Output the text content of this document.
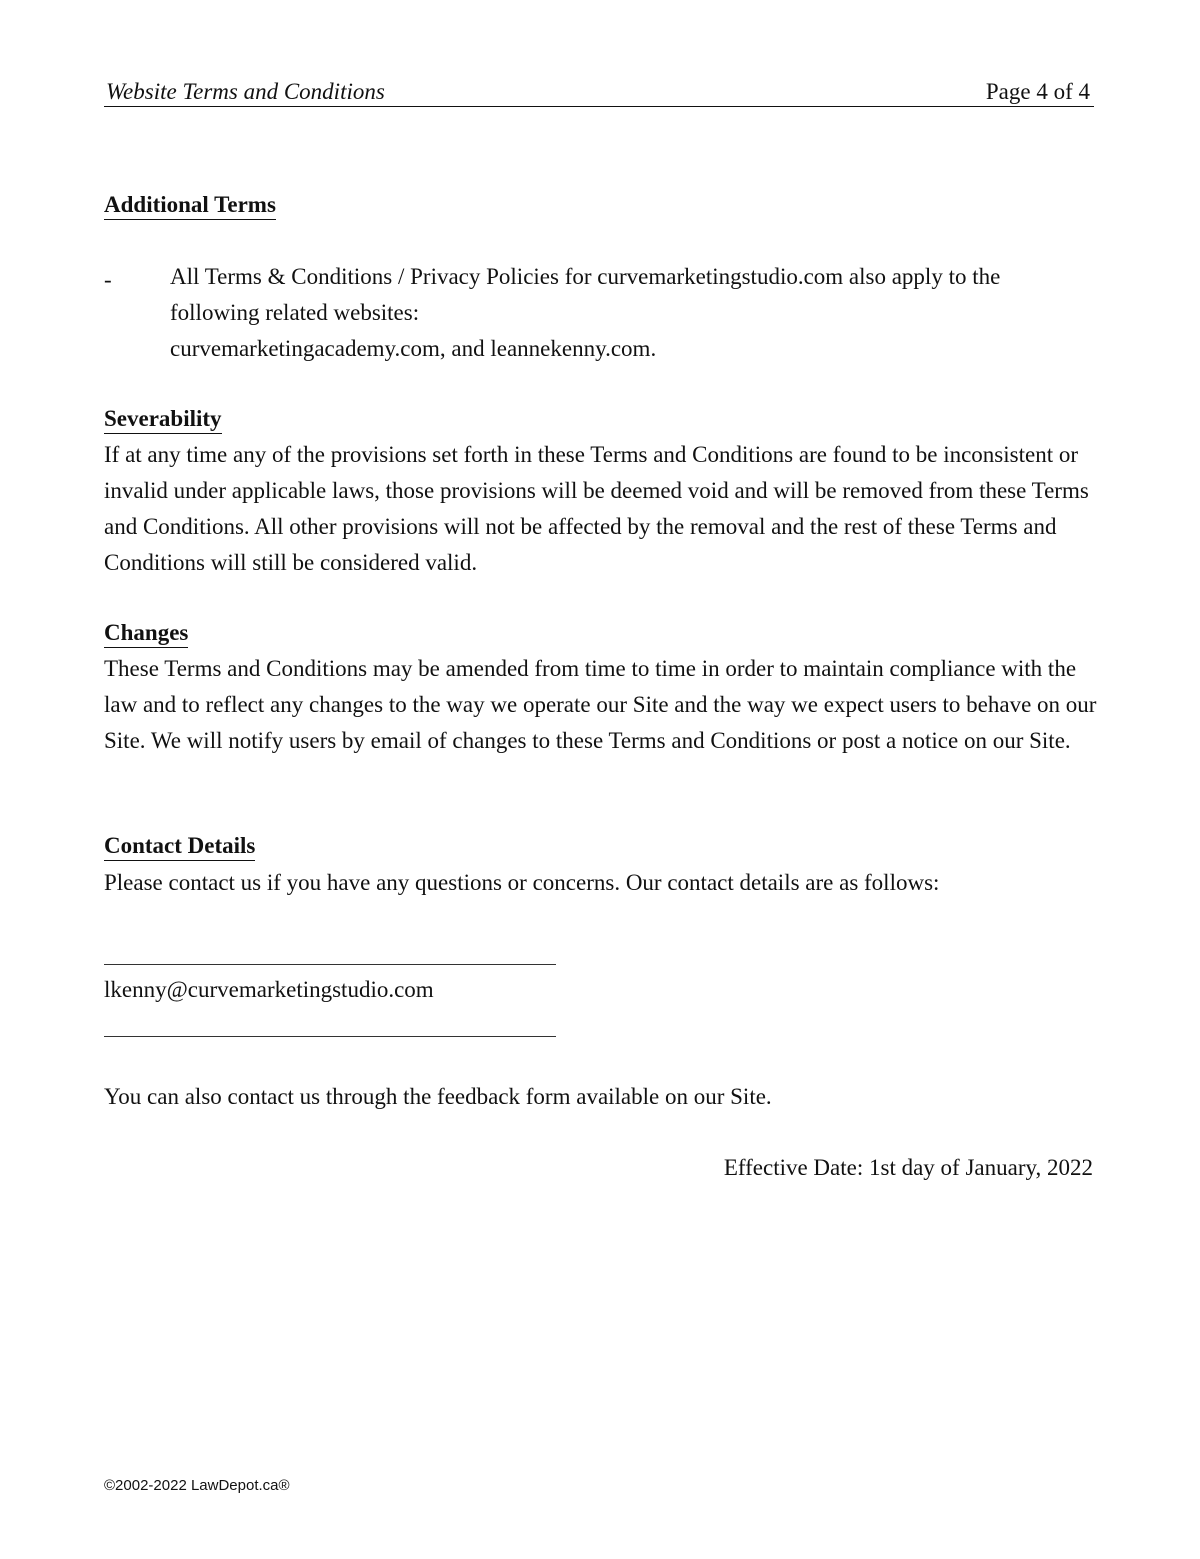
Website Terms and Conditions	Page 4 of 4
Additional Terms
-	All Terms & Conditions / Privacy Policies for curvemarketingstudio.com also apply to the
following related websites:
curvemarketingacademy.com, and leannekenny.com.

Severability

If at any time any of the provisions set forth in these Terms and Conditions are found to be inconsistent or invalid under applicable laws, those provisions will be deemed void and will be removed from these Terms and Conditions. All other provisions will not be affected by the removal and the rest of these Terms and Conditions will still be considered valid.

Changes

These Terms and Conditions may be amended from time to time in order to maintain compliance with the law and to reflect any changes to the way we operate our Site and the way we expect users to behave on our Site. We will notify users by email of changes to these Terms and Conditions or post a notice on our Site.

Contact Details

Please contact us if you have any questions or concerns. Our contact details are as follows:

lkenny@curvemarketingstudio.com

You can also contact us through the feedback form available on our Site.

Effective Date: 1st day of January, 2022
©2002-2022 LawDepot.ca®
